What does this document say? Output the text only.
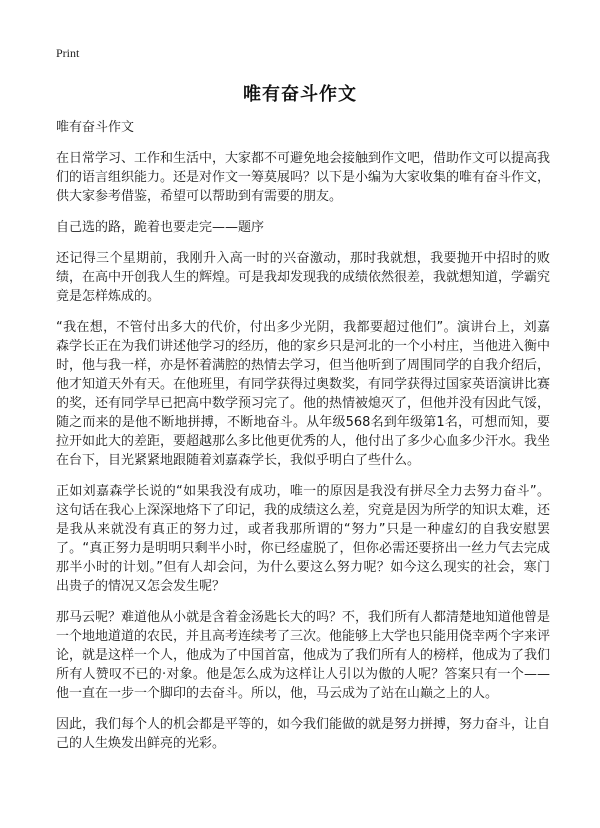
Print
唯有奋斗作文

唯有奋斗作文

在日常学习、工作和生活中，大家都不可避免地会接触到作文吧，借助作文可以提高我们的语言组织能力。还是对作文一筹莫展吗？以下是小编为大家收集的唯有奋斗作文，供大家参考借鉴，希望可以帮助到有需要的朋友。

自己选的路，跪着也要走完——题序

还记得三个星期前，我刚升入高一时的兴奋激动，那时我就想，我要抛开中招时的败绩，在高中开创我人生的辉煌。可是我却发现我的成绩依然很差，我就想知道，学霸究竟是怎样炼成的。

“我在想，不管付出多大的代价，付出多少光阴，我都要超过他们”。演讲台上，刘嘉森学长正在为我们讲述他学习的经历，他的家乡只是河北的一个小村庄，当他进入衡中时，他与我一样，亦是怀着满腔的热情去学习，但当他听到了周围同学的自我介绍后，他才知道天外有天。在他班里，有同学获得过奥数奖，有同学获得过国家英语演讲比赛的奖，还有同学早已把高中数学预习完了。他的热情被熄灭了，但他并没有因此气馁，随之而来的是他不断地拼搏，不断地奋斗。从年级568名到年级第1名，可想而知，要拉开如此大的差距，要超越那么多比他更优秀的人，他付出了多少心血多少汗水。我坐在台下，目光紧紧地跟随着刘嘉森学长，我似乎明白了些什么。

正如刘嘉森学长说的“如果我没有成功，唯一的原因是我没有拼尽全力去努力奋斗”。这句话在我心上深深地烙下了印记，我的成绩这么差，究竟是因为所学的知识太难，还是我从来就没有真正的努力过，或者我那所谓的“努力”只是一种虚幻的自我安慰罢了。“真正努力是明明只剩半小时，你已经虚脱了，但你必需还要挤出一丝力气去完成那半小时的计划。”但有人却会问，为什么要这么努力呢？如今这么现实的社会，寒门出贵子的情况又怎会发生呢？

那马云呢？难道他从小就是含着金汤匙长大的吗？不，我们所有人都清楚地知道他曾是一个地地道道的农民，并且高考连续考了三次。他能够上大学也只能用侥幸两个字来评论，就是这样一个人，他成为了中国首富，他成为了我们所有人的榜样，他成为了我们所有人赞叹不已的·对象。他是怎么成为这样让人引以为傲的人呢？答案只有一个——他一直在一步一个脚印的去奋斗。所以，他，马云成为了站在山巅之上的人。

因此，我们每个人的机会都是平等的，如今我们能做的就是努力拼搏，努力奋斗，让自己的人生焕发出鲜亮的光彩。
